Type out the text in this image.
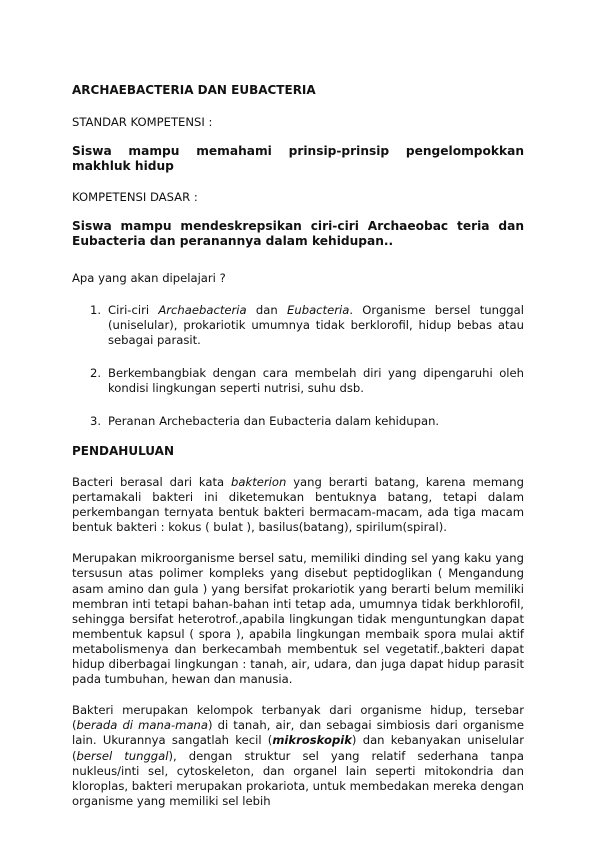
ARCHAEBACTERIA DAN EUBACTERIA

STANDAR KOMPETENSI :

Siswa mampu memahami prinsip-prinsip pengelompokkan makhluk hidup

KOMPETENSI DASAR :

Siswa mampu mendeskrepsikan ciri-ciri Archaeobac teria dan Eubacteria dan peranannya dalam kehidupan..

Apa yang akan dipelajari ?

1. Ciri-ciri Archaebacteria dan Eubacteria. Organisme bersel tunggal (uniselular), prokariotik umumnya tidak berklorofil, hidup bebas atau sebagai parasit.
2. Berkembangbiak dengan cara membelah diri yang dipengaruhi oleh kondisi lingkungan seperti nutrisi, suhu dsb.
3. Peranan Archebacteria dan Eubacteria dalam kehidupan.

PENDAHULUAN

Bacteri berasal dari kata bakterion yang berarti batang, karena memang pertamakali bakteri ini diketemukan bentuknya batang, tetapi dalam perkembangan ternyata bentuk bakteri bermacam-macam, ada tiga macam bentuk bakteri : kokus ( bulat ), basilus(batang), spirilum(spiral).

Merupakan mikroorganisme bersel satu, memiliki dinding sel yang kaku yang tersusun atas polimer kompleks yang disebut peptidoglikan ( Mengandung asam amino dan gula ) yang bersifat prokariotik yang berarti belum memiliki membran inti tetapi bahan-bahan inti tetap ada, umumnya tidak berkhlorofil, sehingga bersifat heterotrof.,apabila lingkungan tidak menguntungkan dapat membentuk kapsul ( spora ), apabila lingkungan membaik spora mulai aktif metabolismenya dan berkecambah membentuk sel vegetatif.,bakteri dapat hidup diberbagai lingkungan : tanah, air, udara, dan juga dapat hidup parasit pada tumbuhan, hewan dan manusia.

Bakteri merupakan kelompok terbanyak dari organisme hidup, tersebar (berada di mana-mana) di tanah, air, dan sebagai simbiosis dari organisme lain. Ukurannya sangatlah kecil (mikroskopik) dan kebanyakan uniselular (bersel tunggal), dengan struktur sel yang relatif sederhana tanpa nukleus/inti sel, cytoskeleton, dan organel lain seperti mitokondria dan kloroplas, bakteri merupakan prokariota, untuk membedakan mereka dengan organisme yang memiliki sel lebih
